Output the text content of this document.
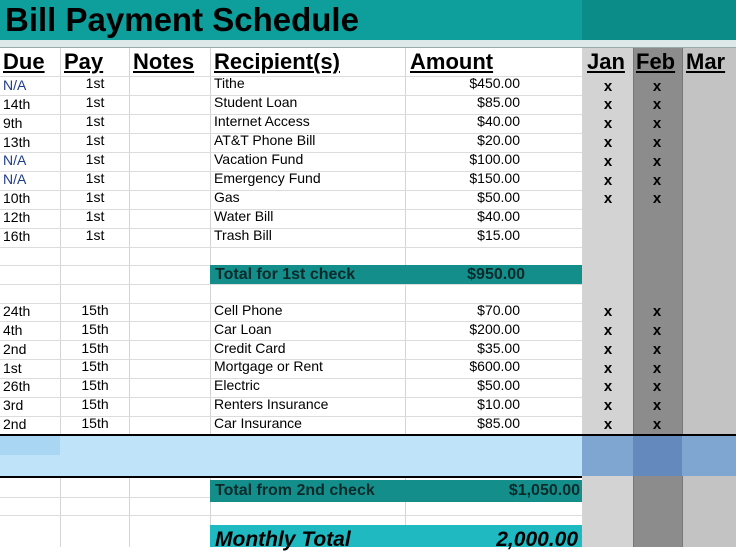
Bill Payment Schedule
Due Pay Notes Recipient(s)	Amount	Jan Feb Mar
N/A	1st	Tithe	$450.00	x	x
14th	1st	Student Loan	$85.00	x	x
9th	1st	Internet Access	$40.00	x	x
13th	1st	AT&T Phone Bill	$20.00	x	x
N/A	1st	Vacation Fund	$100.00	x	x
N/A	1st	Emergency Fund	$150.00	x	x
10th	1st	Gas	$50.00	x	x
12th	1st	Water Bill	$40.00
16th	1st	Trash Bill	$15.00
Total for 1st check	$950.00
24th	15th	Cell Phone	$70.00	x	x
4th	15th	Car Loan	$200.00	x	x
2nd	15th	Credit Card	$35.00	x	x
1st	15th	Mortgage or Rent	$600.00	x	x
26th	15th	Electric	$50.00	x	x
3rd	15th	Renters Insurance	$10.00	x	x
2nd	15th	Car Insurance	$85.00	x	x
Total from 2nd check	$1,050.00
Monthly Total	2,000.00
